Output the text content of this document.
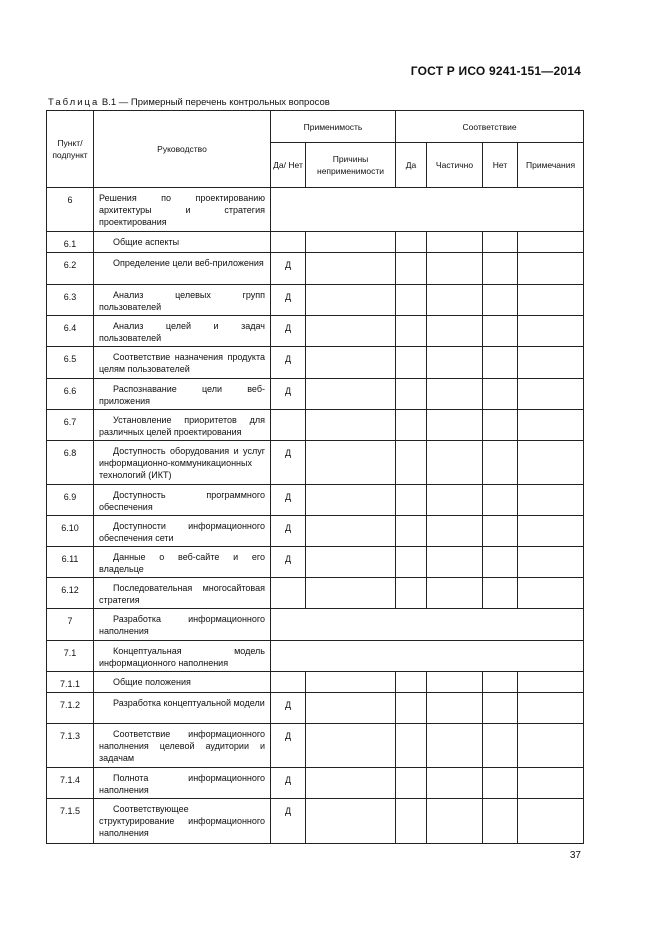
ГОСТ Р ИСО 9241-151—2014
Таблица В.1 — Примерный перечень контрольных вопросов
Пункт/ подпункт	Руководство	Применимость		Соответствие			
		Да/ Нет	Причины неприменимости	Да	Частично	Нет	Примечания
6	Решения по проектированию архитектуры и стратегия проектирования						
6.1	Общие аспекты						
6.2	Определение цели веб-приложения	Д					
6.3	Анализ целевых групп пользователей	Д					
6.4	Анализ целей и задач пользователей	Д					
6.5	Соответствие назначения продукта целям пользователей	Д					
6.6	Распознавание цели веб-приложения	Д					
6.7	Установление приоритетов для различных целей проектирования						
6.8	Доступность оборудования и услуг информационно-коммуникационных технологий (ИКТ)	Д					
6.9	Доступность программного обеспечения	Д					
6.10	Доступности информационного обеспечения сети	Д					
6.11	Данные о веб-сайте и его владельце	Д					
6.12	Последовательная многосайтовая стратегия						
7	Разработка информационного наполнения						
7.1	Концептуальная модель информационного наполнения						
7.1.1	Общие положения						
7.1.2	Разработка концептуальной модели	Д					
7.1.3	Соответствие информационного наполнения целевой аудитории и задачам	Д					
7.1.4	Полнота информационного наполнения	Д					
7.1.5	Соответствующее структурирование информационного наполнения	Д					
37
